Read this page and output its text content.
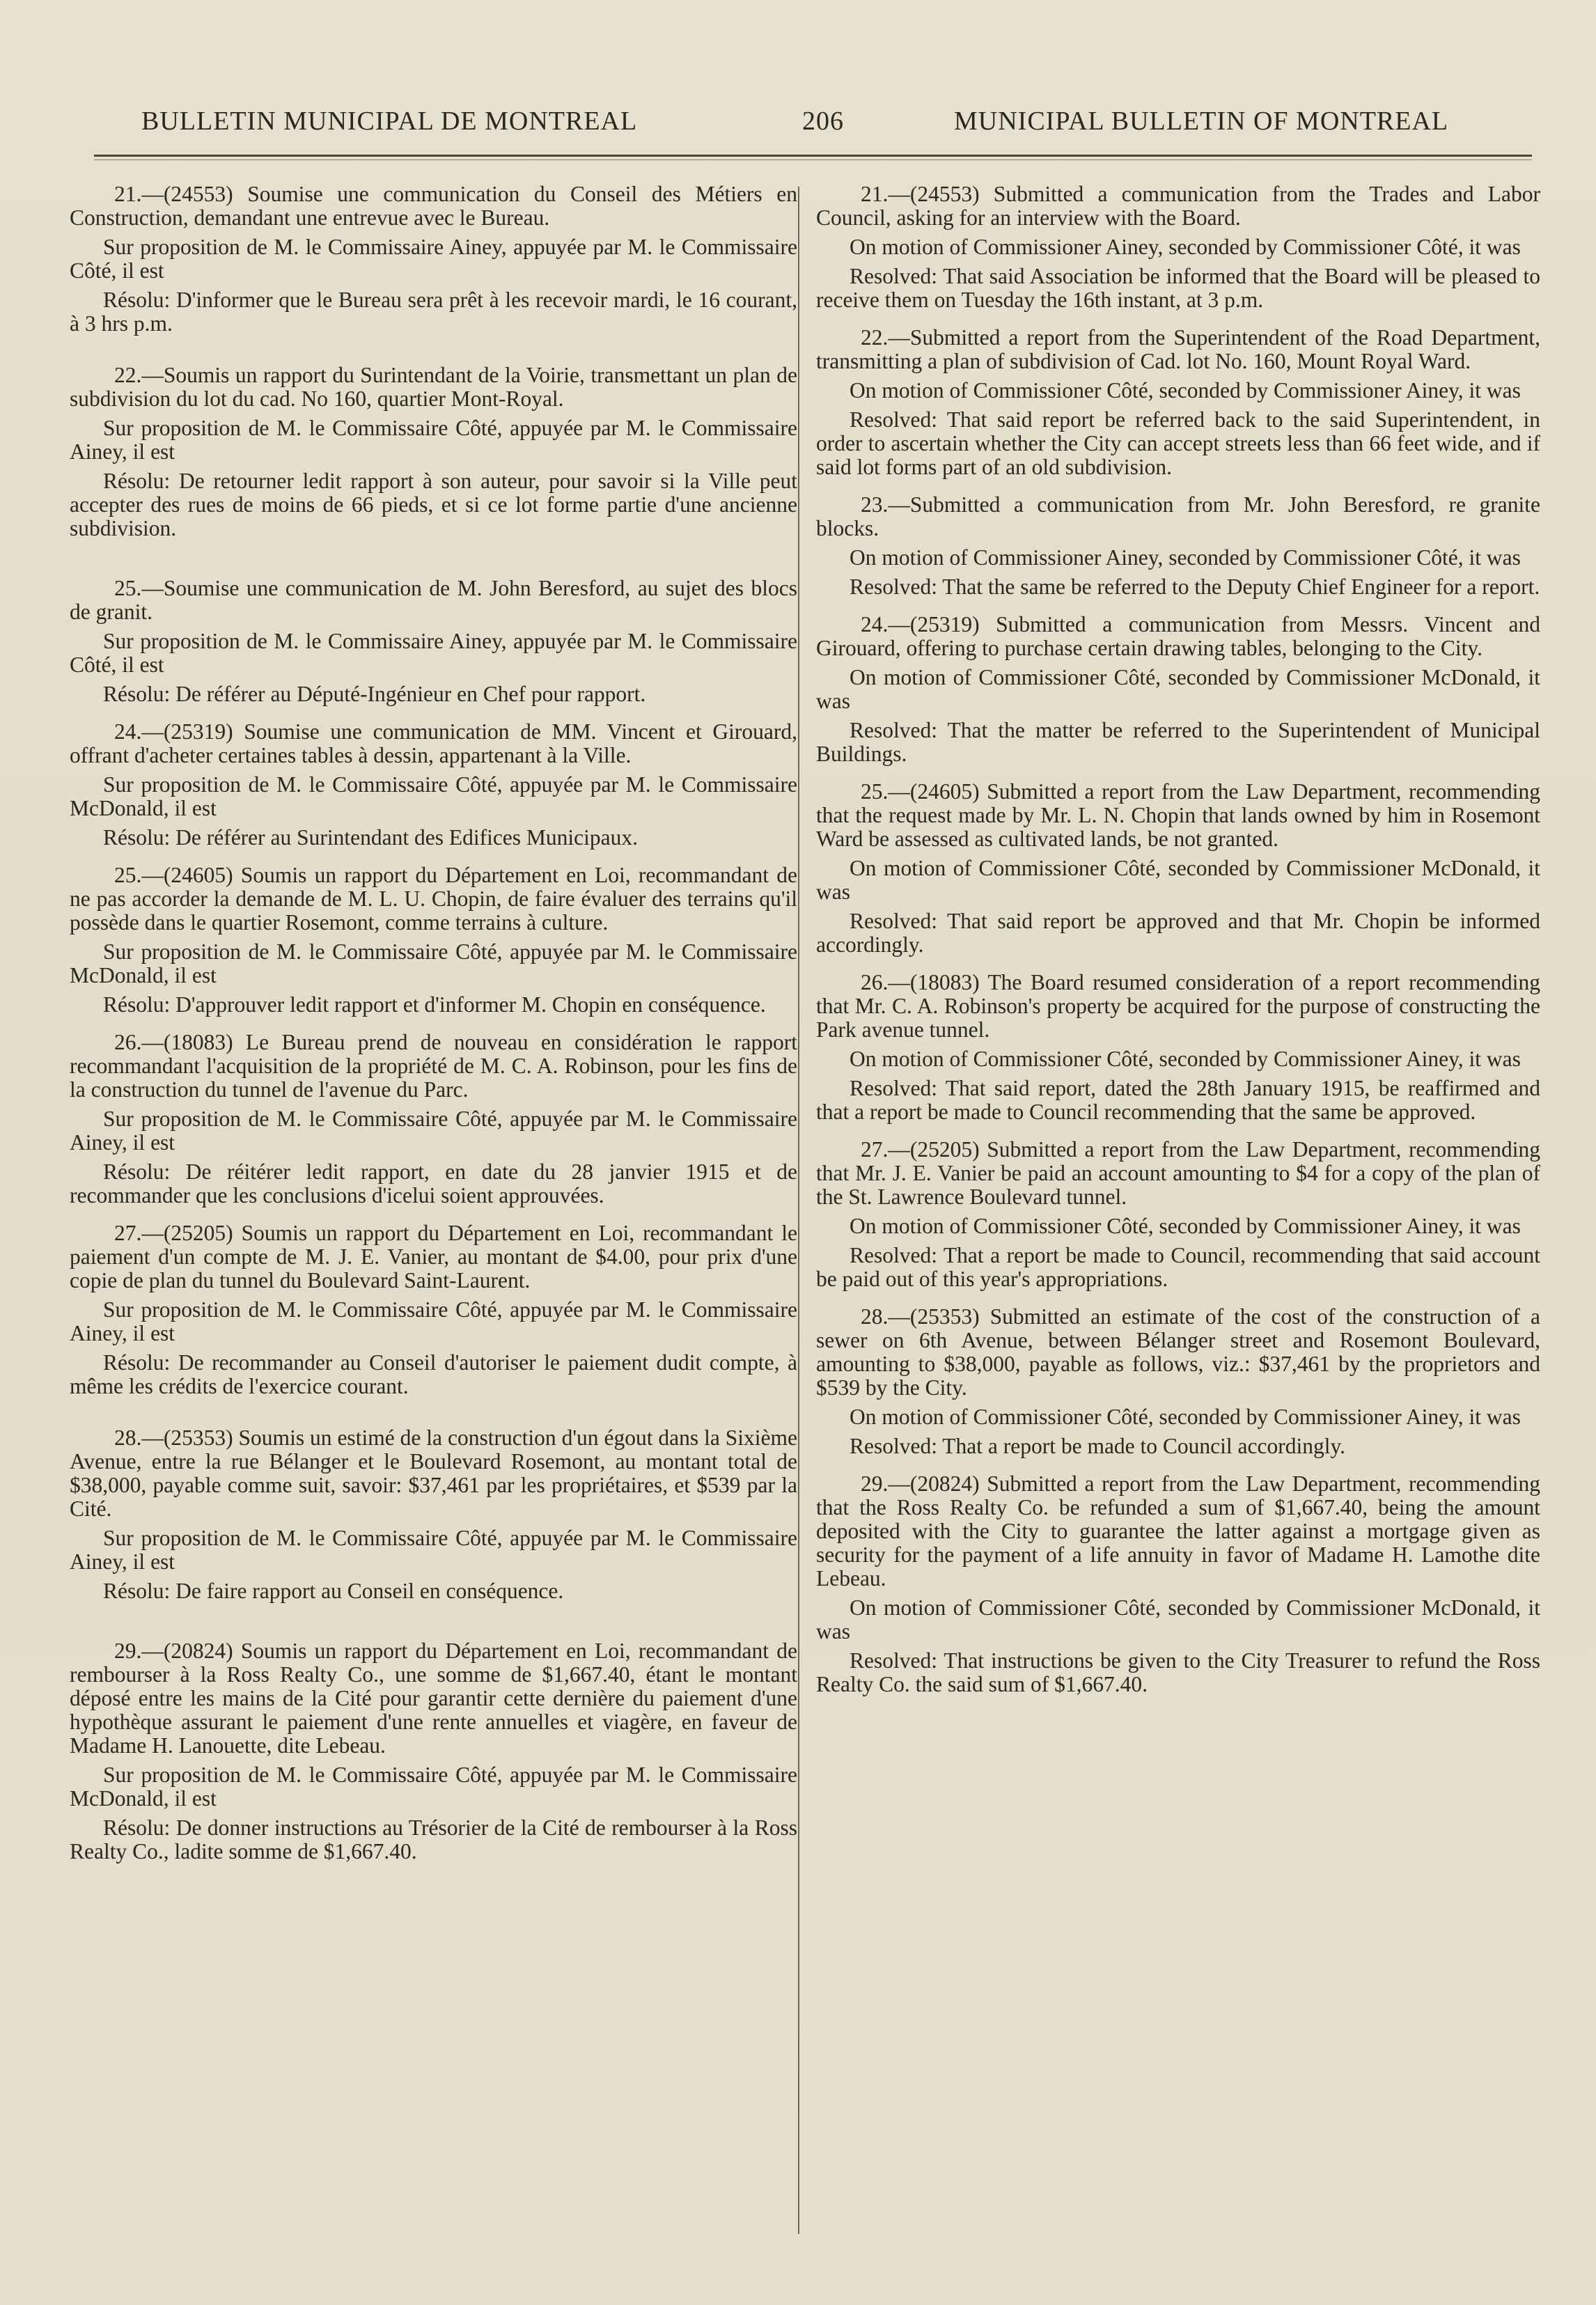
BULLETIN MUNICIPAL DE MONTREAL	206	MUNICIPAL BULLETIN OF MONTREAL

21.—(24553) Soumise une communication du Conseil des Métiers en Construction, demandant une entrevue avec le Bureau.

Sur proposition de M. le Commissaire Ainey, appuyée par M. le Commissaire Côté, il est

Résolu: D'informer que le Bureau sera prêt à les recevoir mardi, le 16 courant, à 3 hrs p.m.

22.—Soumis un rapport du Surintendant de la Voirie, transmettant un plan de subdivision du lot du cad. No 160, quartier Mont-Royal.

Sur proposition de M. le Commissaire Côté, appuyée par M. le Commissaire Ainey, il est

Résolu: De retourner ledit rapport à son auteur, pour savoir si la Ville peut accepter des rues de moins de 66 pieds, et si ce lot forme partie d'une ancienne subdivision.

25.—Soumise une communication de M. John Beresford, au sujet des blocs de granit.

Sur proposition de M. le Commissaire Ainey, appuyée par M. le Commissaire Côté, il est

Résolu: De référer au Député-Ingénieur en Chef pour rapport.

24.—(25319) Soumise une communication de MM. Vincent et Girouard, offrant d'acheter certaines tables à dessin, appartenant à la Ville.

Sur proposition de M. le Commissaire Côté, appuyée par M. le Commissaire McDonald, il est

Résolu: De référer au Surintendant des Edifices Municipaux.

25.—(24605) Soumis un rapport du Département en Loi, recommandant de ne pas accorder la demande de M. L. U. Chopin, de faire évaluer des terrains qu'il possède dans le quartier Rosemont, comme terrains à culture.

Sur proposition de M. le Commissaire Côté, appuyée par M. le Commissaire McDonald, il est

Résolu: D'approuver ledit rapport et d'informer M. Chopin en conséquence.

26.—(18083) Le Bureau prend de nouveau en considération le rapport recommandant l'acquisition de la propriété de M. C. A. Robinson, pour les fins de la construction du tunnel de l'avenue du Parc.

Sur proposition de M. le Commissaire Côté, appuyée par M. le Commissaire Ainey, il est

Résolu: De réitérer ledit rapport, en date du 28 janvier 1915 et de recommander que les conclusions d'icelui soient approuvées.

27.—(25205) Soumis un rapport du Département en Loi, recommandant le paiement d'un compte de M. J. E. Vanier, au montant de $4.00, pour prix d'une copie de plan du tunnel du Boulevard Saint-Laurent.

Sur proposition de M. le Commissaire Côté, appuyée par M. le Commissaire Ainey, il est

Résolu: De recommander au Conseil d'autoriser le paiement dudit compte, à même les crédits de l'exercice courant.

28.—(25353) Soumis un estimé de la construction d'un égout dans la Sixième Avenue, entre la rue Bélanger et le Boulevard Rosemont, au montant total de $38,000, payable comme suit, savoir: $37,461 par les propriétaires, et $539 par la Cité.

Sur proposition de M. le Commissaire Côté, appuyée par M. le Commissaire Ainey, il est

Résolu: De faire rapport au Conseil en conséquence.

29.—(20824) Soumis un rapport du Département en Loi, recommandant de rembourser à la Ross Realty Co., une somme de $1,667.40, étant le montant déposé entre les mains de la Cité pour garantir cette dernière du paiement d'une hypothèque assurant le paiement d'une rente annuelles et viagère, en faveur de Madame H. Lanouette, dite Lebeau.

Sur proposition de M. le Commissaire Côté, appuyée par M. le Commissaire McDonald, il est

Résolu: De donner instructions au Trésorier de la Cité de rembourser à la Ross Realty Co., ladite somme de $1,667.40.

21.—(24553) Submitted a communication from the Trades and Labor Council, asking for an interview with the Board.

On motion of Commissioner Ainey, seconded by Commissioner Côté, it was

Resolved: That said Association be informed that the Board will be pleased to receive them on Tuesday the 16th instant, at 3 p.m.

22.—Submitted a report from the Superintendent of the Road Department, transmitting a plan of subdivision of Cad. lot No. 160, Mount Royal Ward.

On motion of Commissioner Côté, seconded by Commissioner Ainey, it was

Resolved: That said report be referred back to the said Superintendent, in order to ascertain whether the City can accept streets less than 66 feet wide, and if said lot forms part of an old subdivision.

23.—Submitted a communication from Mr. John Beresford, re granite blocks.

On motion of Commissioner Ainey, seconded by Commissioner Côté, it was

Resolved: That the same be referred to the Deputy Chief Engineer for a report.

24.—(25319) Submitted a communication from Messrs. Vincent and Girouard, offering to purchase certain drawing tables, belonging to the City.

On motion of Commissioner Côté, seconded by Commissioner McDonald, it was

Resolved: That the matter be referred to the Superintendent of Municipal Buildings.

25.—(24605) Submitted a report from the Law Department, recommending that the request made by Mr. L. N. Chopin that lands owned by him in Rosemont Ward be assessed as cultivated lands, be not granted.

On motion of Commissioner Côté, seconded by Commissioner McDonald, it was

Resolved: That said report be approved and that Mr. Chopin be informed accordingly.

26.—(18083) The Board resumed consideration of a report recommending that Mr. C. A. Robinson's property be acquired for the purpose of constructing the Park avenue tunnel.

On motion of Commissioner Côté, seconded by Commissioner Ainey, it was

Resolved: That said report, dated the 28th January 1915, be reaffirmed and that a report be made to Council recommending that the same be approved.

27.—(25205) Submitted a report from the Law Department, recommending that Mr. J. E. Vanier be paid an account amounting to $4 for a copy of the plan of the St. Lawrence Boulevard tunnel.

On motion of Commissioner Côté, seconded by Commissioner Ainey, it was

Resolved: That a report be made to Council, recommending that said account be paid out of this year's appropriations.

28.—(25353) Submitted an estimate of the cost of the construction of a sewer on 6th Avenue, between Bélanger street and Rosemont Boulevard, amounting to $38,000, payable as follows, viz.: $37,461 by the proprietors and $539 by the City.

On motion of Commissioner Côté, seconded by Commissioner Ainey, it was

Resolved: That a report be made to Council accordingly.

29.—(20824) Submitted a report from the Law Department, recommending that the Ross Realty Co. be refunded a sum of $1,667.40, being the amount deposited with the City to guarantee the latter against a mortgage given as security for the payment of a life annuity in favor of Madame H. Lamothe dite Lebeau.

On motion of Commissioner Côté, seconded by Commissioner McDonald, it was

Resolved: That instructions be given to the City Treasurer to refund the Ross Realty Co. the said sum of $1,667.40.
